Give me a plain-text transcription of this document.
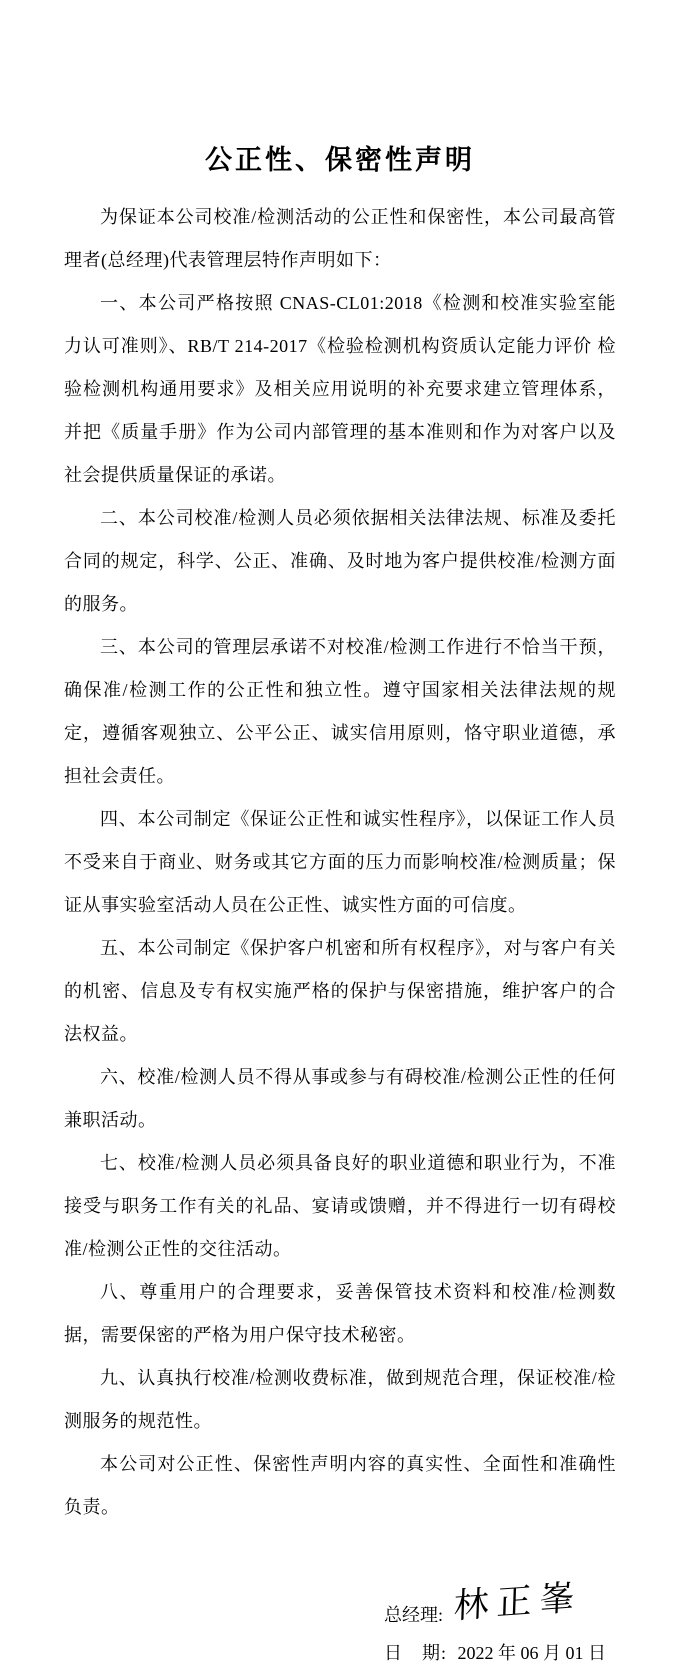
公正性、保密性声明

为保证本公司校准/检测活动的公正性和保密性，本公司最高管理者(总经理)代表管理层特作声明如下：

一、本公司严格按照 CNAS-CL01:2018《检测和校准实验室能力认可准则》、RB/T 214-2017《检验检测机构资质认定能力评价 检验检测机构通用要求》及相关应用说明的补充要求建立管理体系，并把《质量手册》作为公司内部管理的基本准则和作为对客户以及社会提供质量保证的承诺。

二、本公司校准/检测人员必须依据相关法律法规、标准及委托合同的规定，科学、公正、准确、及时地为客户提供校准/检测方面的服务。

三、本公司的管理层承诺不对校准/检测工作进行不恰当干预，确保准/检测工作的公正性和独立性。遵守国家相关法律法规的规定，遵循客观独立、公平公正、诚实信用原则，恪守职业道德，承担社会责任。

四、本公司制定《保证公正性和诚实性程序》，以保证工作人员不受来自于商业、财务或其它方面的压力而影响校准/检测质量；保证从事实验室活动人员在公正性、诚实性方面的可信度。

五、本公司制定《保护客户机密和所有权程序》，对与客户有关的机密、信息及专有权实施严格的保护与保密措施，维护客户的合法权益。

六、校准/检测人员不得从事或参与有碍校准/检测公正性的任何兼职活动。

七、校准/检测人员必须具备良好的职业道德和职业行为，不准接受与职务工作有关的礼品、宴请或馈赠，并不得进行一切有碍校准/检测公正性的交往活动。

八、尊重用户的合理要求，妥善保管技术资料和校准/检测数据，需要保密的严格为用户保守技术秘密。

九、认真执行校准/检测收费标准，做到规范合理，保证校准/检测服务的规范性。

本公司对公正性、保密性声明内容的真实性、全面性和准确性负责。

总经理: 林正峯
日　期: 2022 年 06 月 01 日
